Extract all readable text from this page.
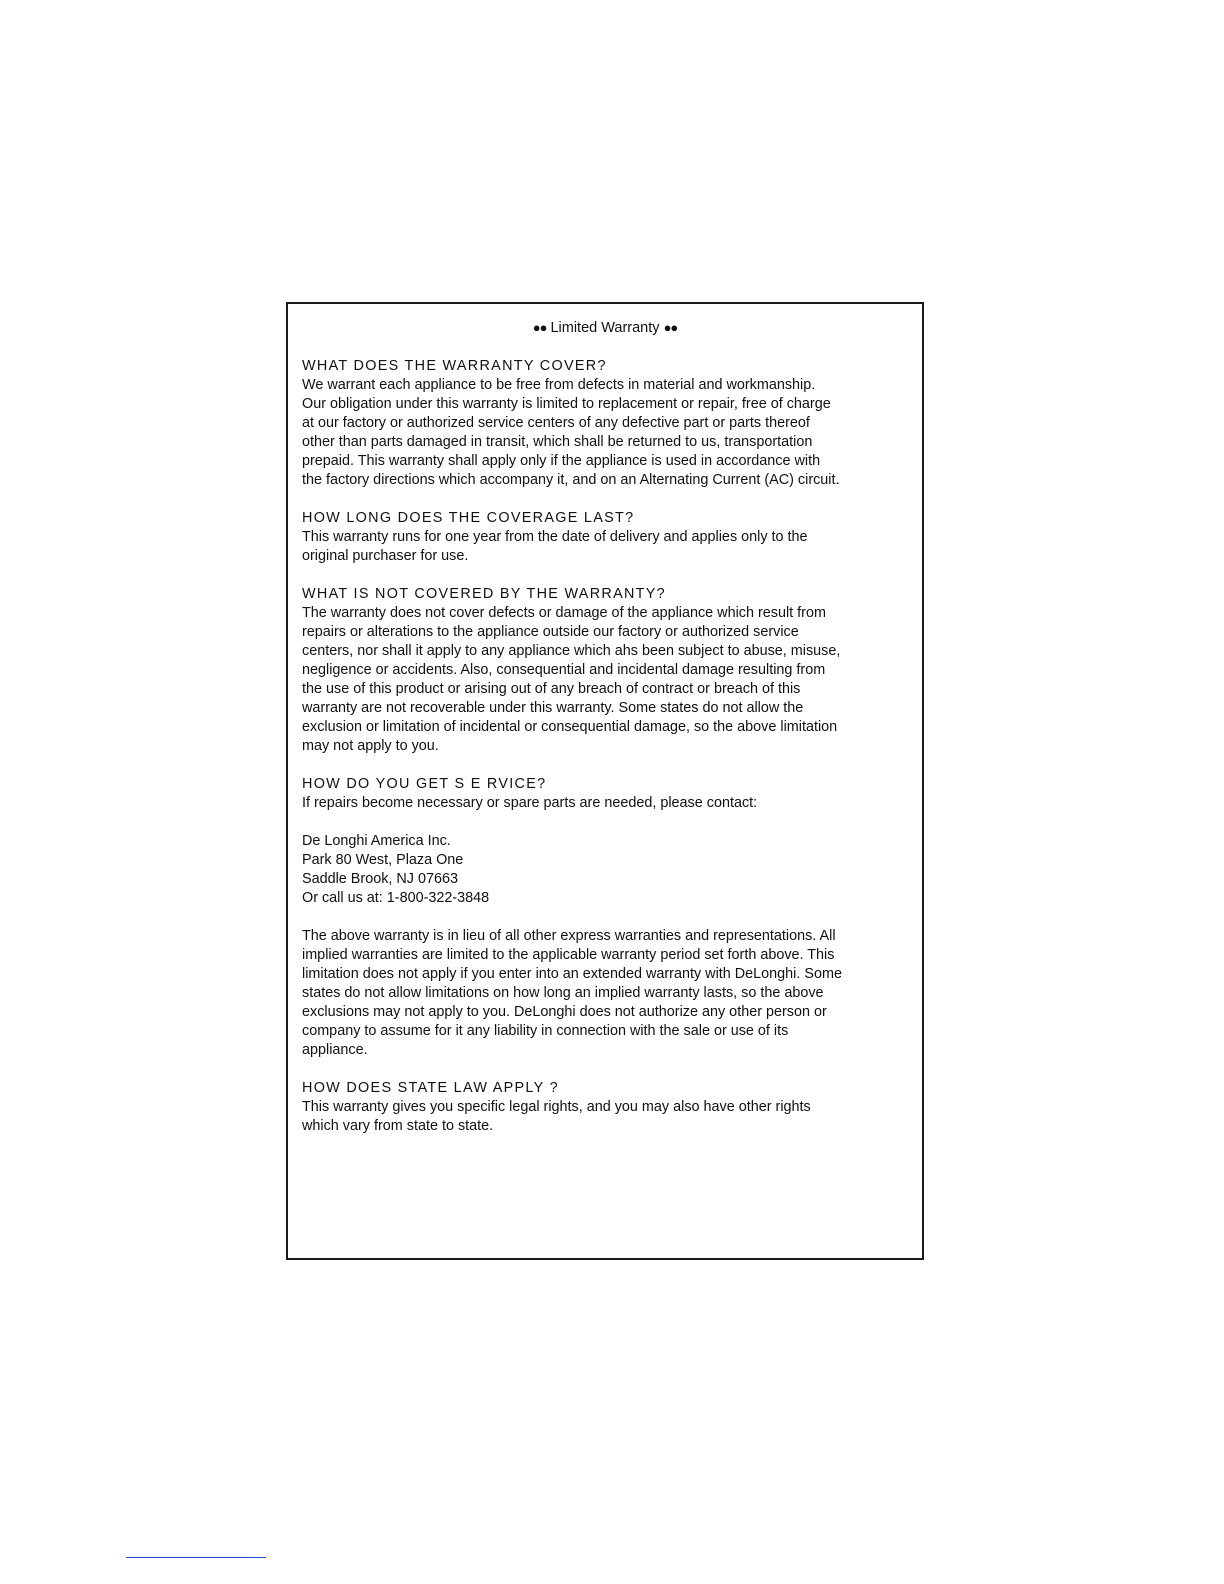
●● Limited Warranty ●●
WHAT DOES THE WARRANTY COVER?
We warrant each appliance to be free from defects in material and workmanship.
Our obligation under this warranty is limited to replacement or repair, free of charge
at our factory or authorized service centers of any defective part or parts thereof
other than parts damaged in transit, which shall be returned to us, transportation
prepaid. This warranty shall apply only if the appliance is used in accordance with
the factory directions which accompany it, and on an Alternating Current (AC) circuit.
HOW LONG DOES THE COVERAGE LAST?
This warranty runs for one year from the date of delivery and applies only to the
original purchaser for use.
WHAT IS NOT COVERED BY THE WARRANTY?
The warranty does not cover defects or damage of the appliance which result from
repairs or alterations to the appliance outside our factory or authorized service
centers, nor shall it apply to any appliance which ahs been subject to abuse, misuse,
negligence or accidents. Also, consequential and incidental damage resulting from
the use of this product or arising out of any breach of contract or breach of this
warranty are not recoverable under this warranty. Some states do not allow the
exclusion or limitation of incidental or consequential damage, so the above limitation
may not apply to you.
HOW DO YOU GET S E RVICE?
If repairs become necessary or spare parts are needed, please contact:
De Longhi America Inc.
Park 80 West, Plaza One
Saddle Brook, NJ 07663
Or call us at: 1-800-322-3848
The above warranty is in lieu of all other express warranties and representations. All
implied warranties are limited to the applicable warranty period set forth above. This
limitation does not apply if you enter into an extended warranty with DeLonghi. Some
states do not allow limitations on how long an implied warranty lasts, so the above
exclusions may not apply to you. DeLonghi does not authorize any other person or
company to assume for it any liability in connection with the sale or use of its
appliance.
HOW DOES STATE LAW APPLY ?
This warranty gives you specific legal rights, and you may also have other rights
which vary from state to state.
